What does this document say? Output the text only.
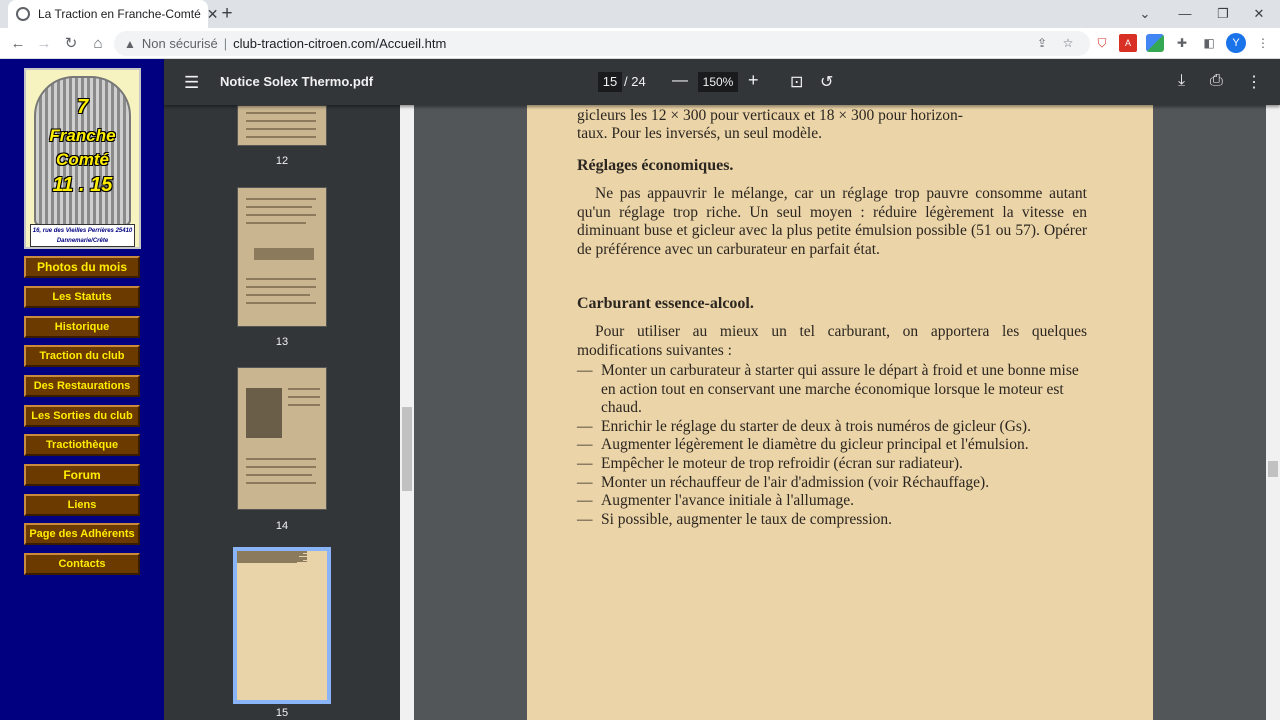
La Traction en Franche-Comté ✕ +	⌄	—	❐	✕
← → ↻	⌂	▲ Non sécurisé | club-traction-citroen.com/Accueil.htm	⇪	☆	⛉	A	✚	◧	Y	⋮
7
Franche
Comté
11 . 15
16, rue des Vieilles Perrières 25410 Dannemarie/Crête
Photos du mois
Les Statuts
Historique
Traction du club
Des Restaurations
Les Sorties du club
Tractiothèque
Forum
Liens
Page des Adhérents
Contacts
☰ Notice Solex Thermo.pdf	15 / 24 —	150% + ⊡ ↺	⤓ ⎙ ⋮
12
13
14
15
gicleurs les 12 × 300 pour verticaux et 18 × 300 pour horizon-
taux. Pour les inversés, un seul modèle.
Réglages économiques.
Ne pas appauvrir le mélange, car un réglage trop pauvre consomme autant qu'un réglage trop riche. Un seul moyen : réduire légèrement la vitesse en diminuant buse et gicleur avec la plus petite émulsion possible (51 ou 57). Opérer de préférence avec un carburateur en parfait état.
Carburant essence-alcool.
Pour utiliser au mieux un tel carburant, on apportera les quelques modifications suivantes :
— Monter un carburateur à starter qui assure le départ à froid et une bonne mise en action tout en conservant une marche économique lorsque le moteur est chaud.
— Enrichir le réglage du starter de deux à trois numéros de gicleur (Gs).
— Augmenter légèrement le diamètre du gicleur principal et l'émulsion.
— Empêcher le moteur de trop refroidir (écran sur radiateur).
— Monter un réchauffeur de l'air d'admission (voir Réchauffage).
— Augmenter l'avance initiale à l'allumage.
— Si possible, augmenter le taux de compression.
